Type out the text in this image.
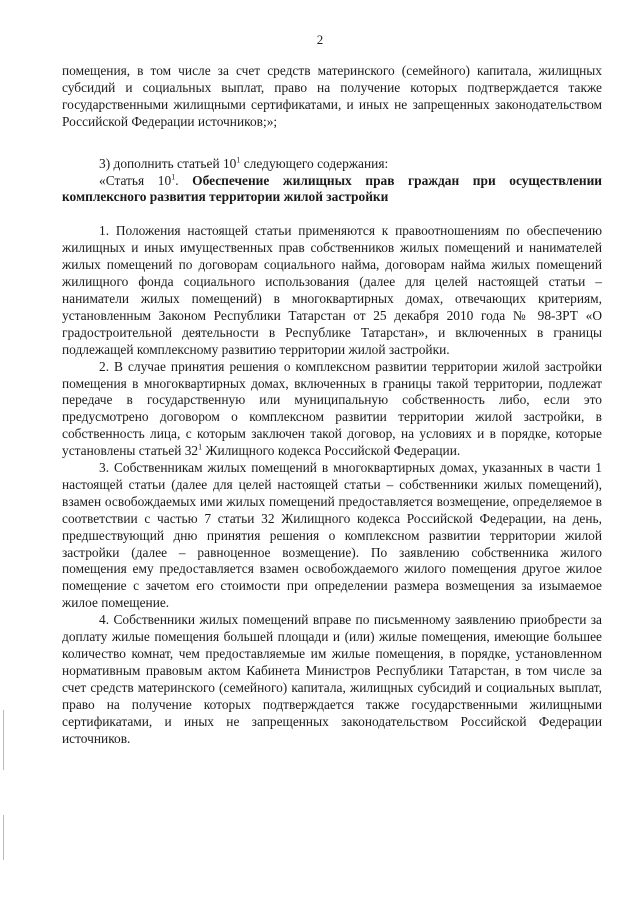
2

помещения, в том числе за счет средств материнского (семейного) капитала, жилищных субсидий и социальных выплат, право на получение которых подтверждается также государственными жилищными сертификатами, и иных не запрещенных законодательством Российской Федерации источников;»;

3) дополнить статьей $10^1$ следующего содержания:

«Статья $10^1$. Обеспечение жилищных прав граждан при осуществлении комплексного развития территории жилой застройки

1. Положения настоящей статьи применяются к правоотношениям по обеспечению жилищных и иных имущественных прав собственников жилых помещений и нанимателей жилых помещений по договорам социального найма, договорам найма жилых помещений жилищного фонда социального использования (далее для целей настоящей статьи – наниматели жилых помещений) в многоквартирных домах, отвечающих критериям, установленным Законом Республики Татарстан от 25 декабря 2010 года № 98-ЗРТ «О градостроительной деятельности в Республике Татарстан», и включенных в границы подлежащей комплексному развитию территории жилой застройки.

2. В случае принятия решения о комплексном развитии территории жилой застройки помещения в многоквартирных домах, включенных в границы такой территории, подлежат передаче в государственную или муниципальную собственность либо, если это предусмотрено договором о комплексном развитии территории жилой застройки, в собственность лица, с которым заключен такой договор, на условиях и в порядке, которые установлены статьей $32^1$ Жилищного кодекса Российской Федерации.

3. Собственникам жилых помещений в многоквартирных домах, указанных в части 1 настоящей статьи (далее для целей настоящей статьи – собственники жилых помещений), взамен освобождаемых ими жилых помещений предоставляется возмещение, определяемое в соответствии с частью 7 статьи 32 Жилищного кодекса Российской Федерации, на день, предшествующий дню принятия решения о комплексном развитии территории жилой застройки (далее – равноценное возмещение). По заявлению собственника жилого помещения ему предоставляется взамен освобождаемого жилого помещения другое жилое помещение с зачетом его стоимости при определении размера возмещения за изымаемое жилое помещение.

4. Собственники жилых помещений вправе по письменному заявлению приобрести за доплату жилые помещения большей площади и (или) жилые помещения, имеющие большее количество комнат, чем предоставляемые им жилые помещения, в порядке, установленном нормативным правовым актом Кабинета Министров Республики Татарстан, в том числе за счет средств материнского (семейного) капитала, жилищных субсидий и социальных выплат, право на получение которых подтверждается также государственными жилищными сертификатами, и иных не запрещенных законодательством Российской Федерации источников.
